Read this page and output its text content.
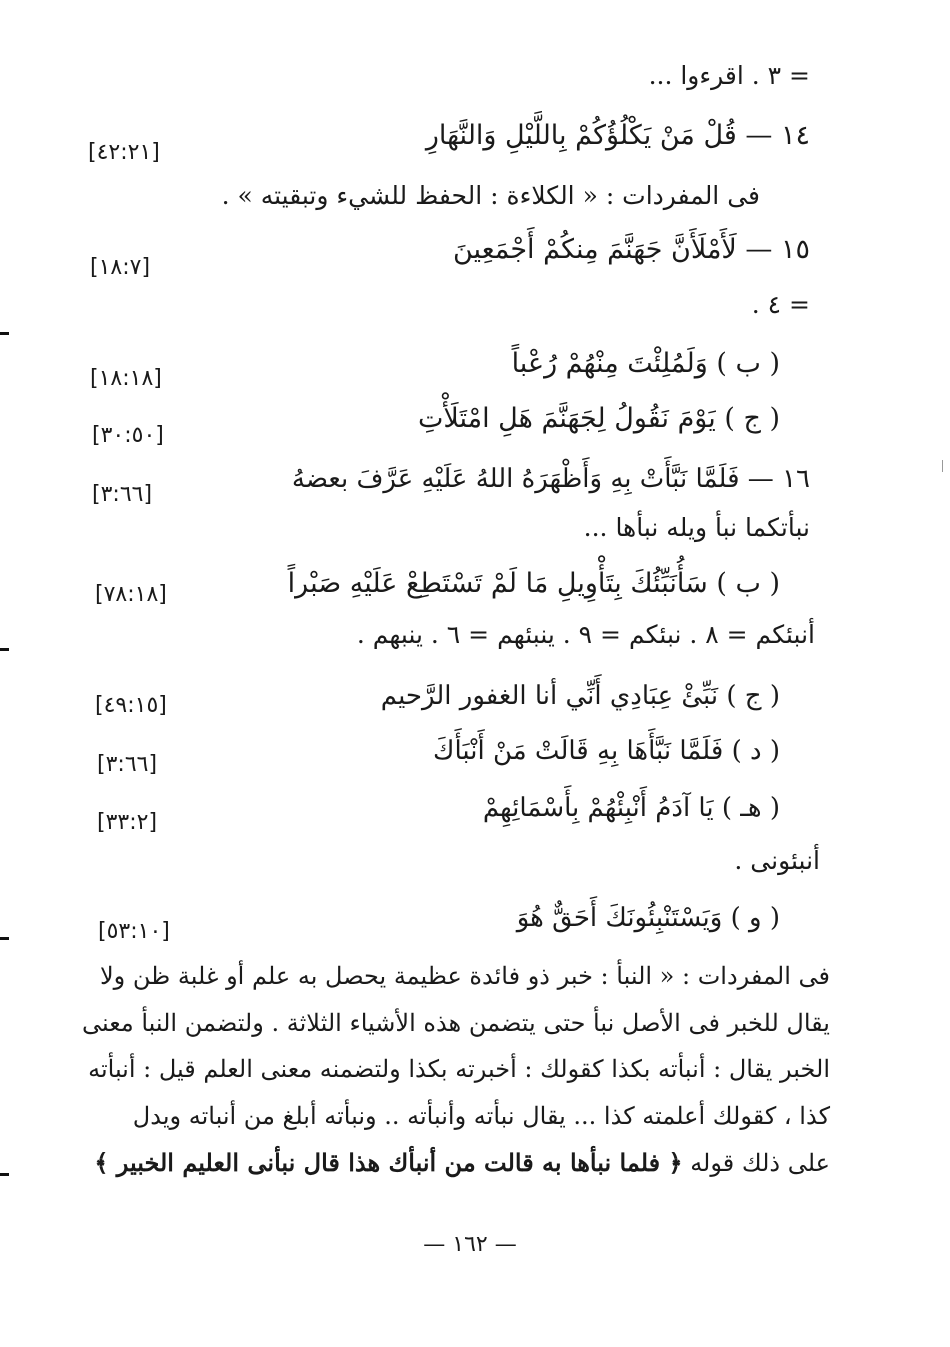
= ٣ . اقرءوا ...
١٤ — قُلْ مَنْ يَكْلُؤُكُمْ بِاللَّيْلِ وَالنَّهَارِ
[٤٢:٢١]
فى المفردات : « الكلاءة : الحفظ للشيء وتبقيته » .
١٥ — لَأَمْلَأَنَّ جَهَنَّمَ مِنكُمْ أَجْمَعِينَ
[١٨:٧]
= ٤ .
( ب ) وَلَمُلِئْتَ مِنْهُمْ رُعْباً
[١٨:١٨]
( ج ) يَوْمَ نَقُولُ لِجَهَنَّمَ هَلِ امْتَلَأْتِ
[٣٠:٥٠]
١٦ — فَلَمَّا نَبَّأَتْ بِهِ وَأَظْهَرَهُ اللهُ عَلَيْهِ عَرَّفَ بعضهُ
[٣:٦٦]
نبأتكما نبأ ويله نبأها ...
( ب ) سَأُنَبِّئُكَ بِتَأْوِيلِ مَا لَمْ تَسْتَطِعْ عَلَيْهِ صَبْراً
[٧٨:١٨]
أنبئكم = ٨ . نبئكم = ٩ . ينبئهم = ٦ . ينبهم .
( ج ) نَبِّئْ عِبَادِي أَنِّي أنا الغفور الرَّحيم
[٤٩:١٥]
( د ) فَلَمَّا نَبَّأَهَا بِهِ قَالَتْ مَنْ أَنْبَأَكَ
[٣:٦٦]
( هـ ) يَا آدَمُ أَنْبِئْهُمْ بِأَسْمَائِهِمْ
[٣٣:٢]
أنبئونى .
( و ) وَيَسْتَنْبِئُونَكَ أَحَقٌّ هُوَ
[٥٣:١٠]
فى المفردات : « النبأ : خبر ذو فائدة عظيمة يحصل به علم أو غلبة ظن ولا
يقال للخبر فى الأصل نبأ حتى يتضمن هذه الأشياء الثلاثة . ولتضمن النبأ معنى
الخبر يقال : أنبأته بكذا كقولك : أخبرته بكذا ولتضمنه معنى العلم قيل : أنبأته
كذا ، كقولك أعلمته كذا ... يقال نبأته وأنبأته .. ونبأته أبلغ من أنباته ويدل
على ذلك قوله ﴿ فلما نبأها به قالت من أنبأك هذا قال نبأنى العليم الخبير ﴾
— ١٦٢ —
